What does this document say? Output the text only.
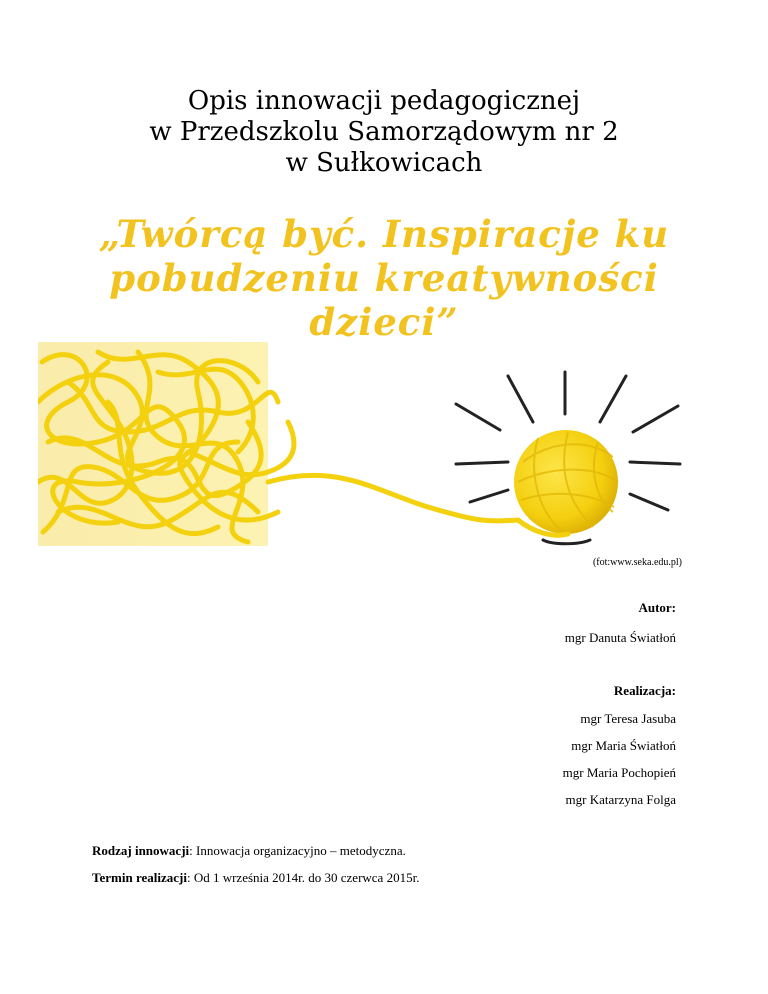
Opis innowacji pedagogicznej
w Przedszkolu Samorządowym nr 2
w Sułkowicach
„Twórcą być. Inspiracje ku
pobudzeniu kreatywności
dzieci”
(fot:www.seka.edu.pl)
Autor:
mgr Danuta Światłoń
Realizacja:
mgr Teresa Jasuba
mgr Maria Światłoń
mgr Maria Pochopień
mgr Katarzyna Folga
Rodzaj innowacji: Innowacja organizacyjno – metodyczna.
Termin realizacji: Od 1 września 2014r. do 30 czerwca 2015r.
